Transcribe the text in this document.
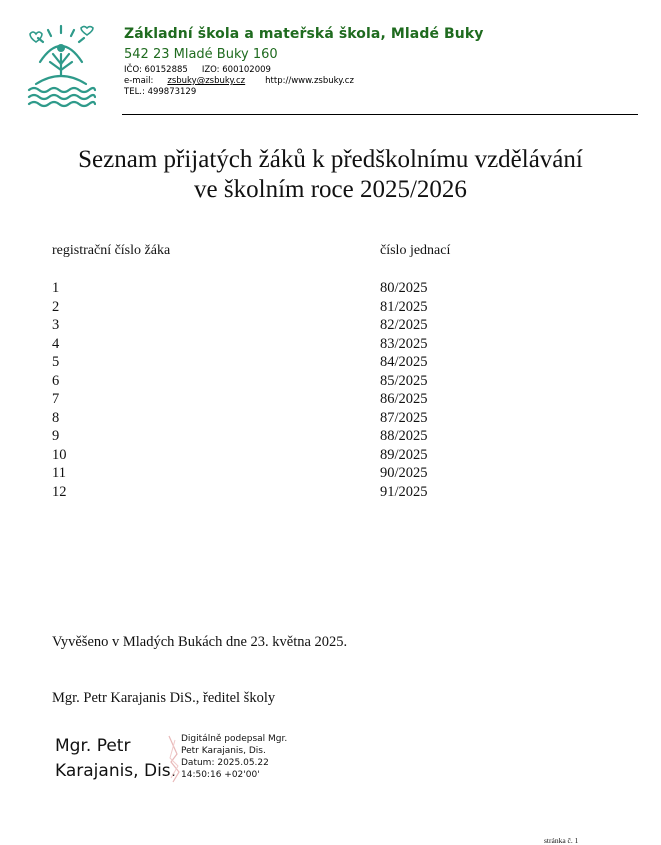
Základní škola a mateřská škola, Mladé Buky
542 23 Mladé Buky 160
IČO: 60152885 IZO: 600102009
e-mail: zsbuky@zsbuky.cz http://www.zsbuky.cz
TEL.: 499873129
Seznam přijatých žáků k předškolnímu vzdělávání
ve školním roce 2025/2026
registrační číslo žáka	číslo jednací
1	80/2025
2	81/2025
3	82/2025
4	83/2025
5	84/2025
6	85/2025
7	86/2025
8	87/2025
9	88/2025
10	89/2025
11	90/2025
12	91/2025
Vyvěšeno v Mladých Bukách dne 23. května 2025.
Mgr. Petr Karajanis DiS., ředitel školy
Mgr. Petr
Karajanis, Dis.
Digitálně podepsal Mgr.
Petr Karajanis, Dis.
Datum: 2025.05.22
14:50:16 +02'00'
stránka č. 1
